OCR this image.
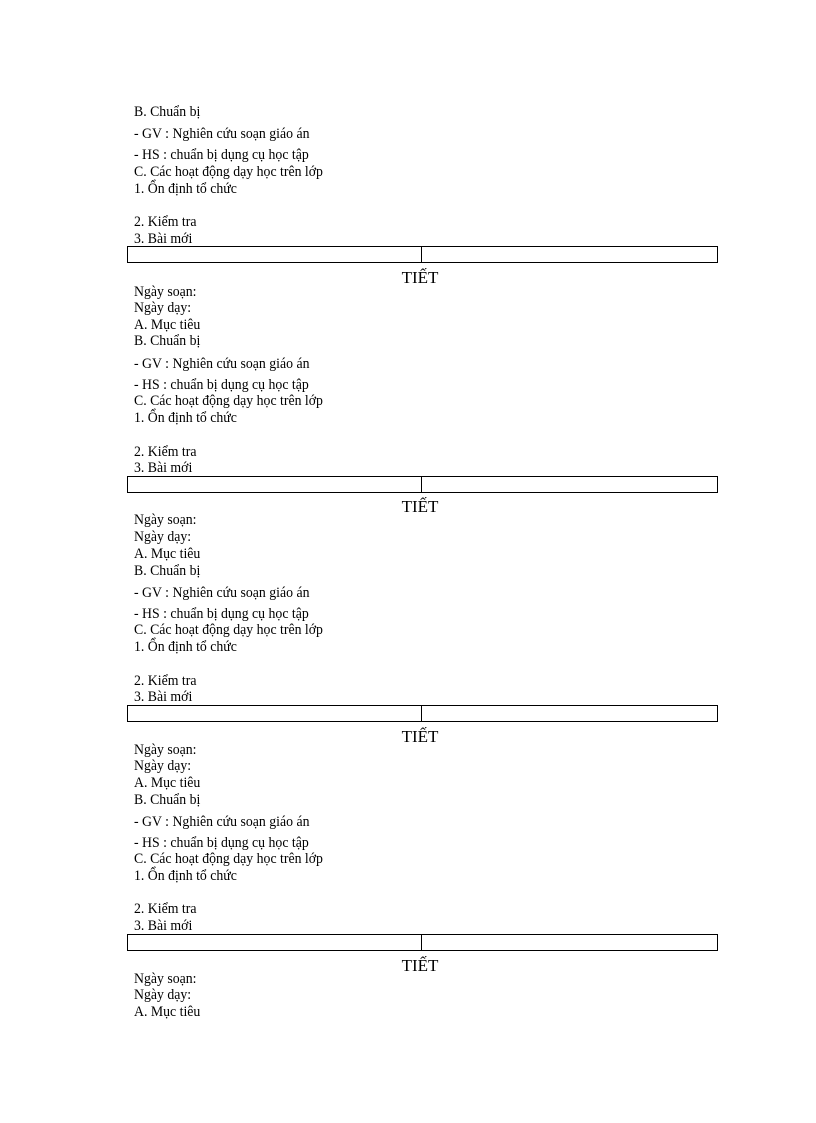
B. Chuẩn bị
- GV : Nghiên cứu soạn giáo án
- HS : chuẩn bị dụng cụ học tập
C. Các hoạt động dạy học trên lớp
1. Ổn định tổ chức
2. Kiểm tra
3. Bài mới
TIẾT
Ngày soạn:
Ngày dạy:
A. Mục tiêu
B. Chuẩn bị
- GV : Nghiên cứu soạn giáo án
- HS : chuẩn bị dụng cụ học tập
C. Các hoạt động dạy học trên lớp
1. Ổn định tổ chức
2. Kiểm tra
3. Bài mới
TIẾT
Ngày soạn:
Ngày dạy:
A. Mục tiêu
B. Chuẩn bị
- GV : Nghiên cứu soạn giáo án
- HS : chuẩn bị dụng cụ học tập
C. Các hoạt động dạy học trên lớp
1. Ổn định tổ chức
2. Kiểm tra
3. Bài mới
TIẾT
Ngày soạn:
Ngày dạy:
A. Mục tiêu
B. Chuẩn bị
- GV : Nghiên cứu soạn giáo án
- HS : chuẩn bị dụng cụ học tập
C. Các hoạt động dạy học trên lớp
1. Ổn định tổ chức
2. Kiểm tra
3. Bài mới
TIẾT
Ngày soạn:
Ngày dạy:
A. Mục tiêu
